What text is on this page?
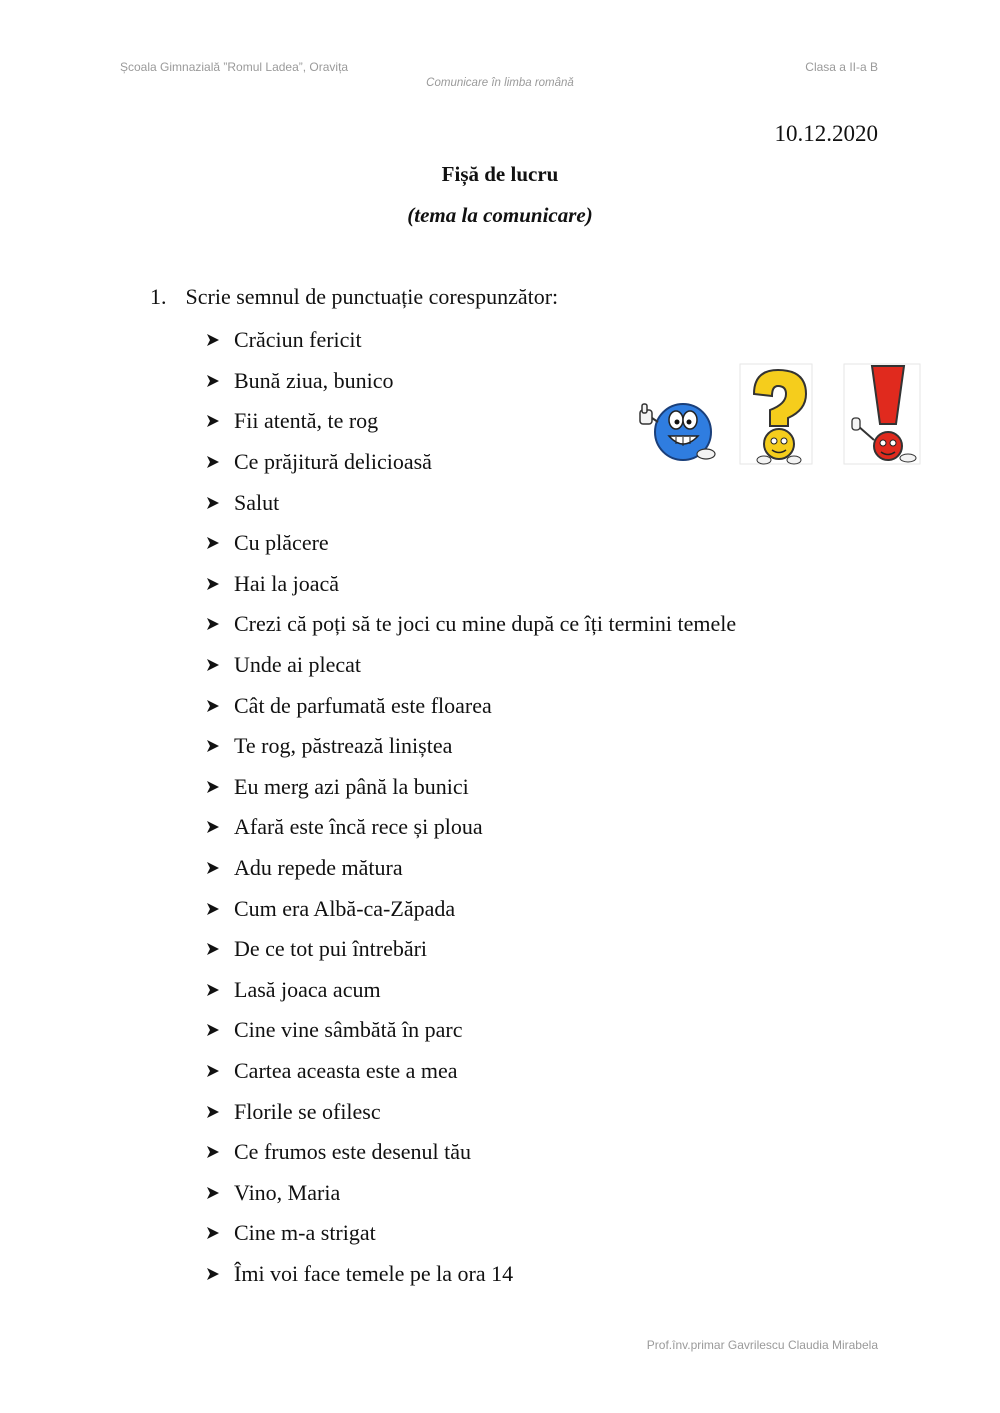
Școala Gimnazială ”Romul Ladea”, Oravița	Clasa a II-a B
Comunicare în limba română
10.12.2020
Fișă de lucru
(tema la comunicare)
1. Scrie semnul de punctuație corespunzător:
Crăciun fericit
Bună ziua, bunico
Fii atentă, te rog
Ce prăjitură delicioasă
Salut
Cu plăcere
Hai la joacă
Crezi că poți să te joci cu mine după ce îți termini temele
Unde ai plecat
Cât de parfumată este floarea
Te rog, păstrează liniștea
Eu merg azi până la bunici
Afară este încă rece și ploua
Adu repede mătura
Cum era Albă-ca-Zăpada
De ce tot pui întrebări
Lasă joaca acum
Cine vine sâmbătă în parc
Cartea aceasta este a mea
Florile se ofilesc
Ce frumos este desenul tău
Vino, Maria
Cine m-a strigat
Îmi voi face temele pe la ora 14
Prof.înv.primar Gavrilescu Claudia Mirabela
